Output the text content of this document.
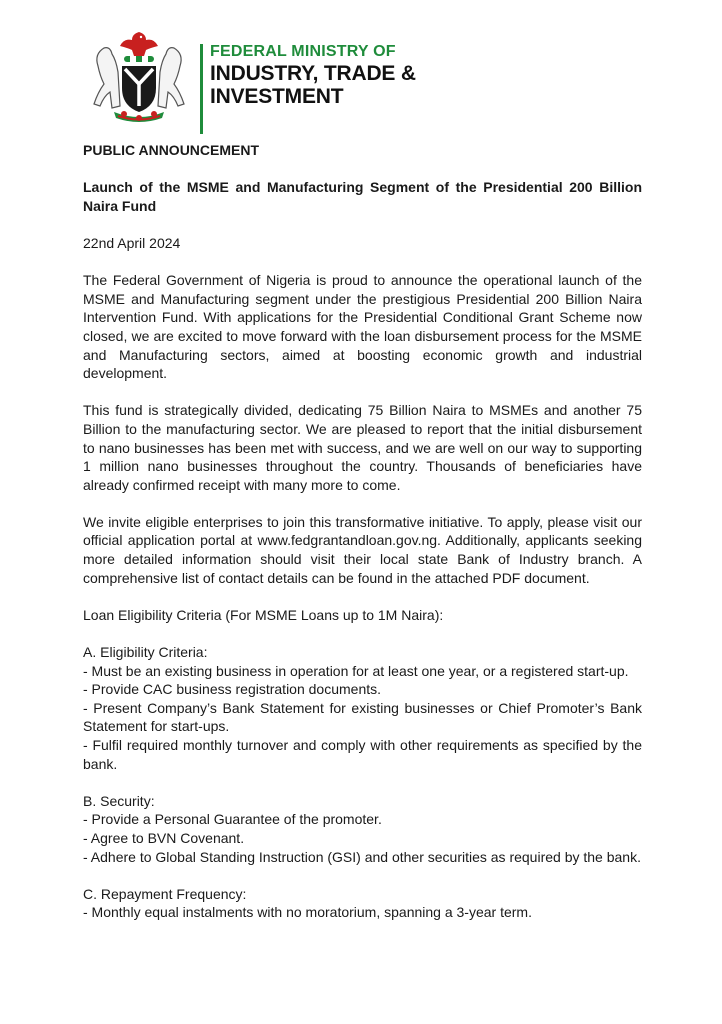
FEDERAL MINISTRY OF
INDUSTRY, TRADE &
INVESTMENT

PUBLIC ANNOUNCEMENT

Launch of the MSME and Manufacturing Segment of the Presidential 200 Billion Naira Fund

22nd April 2024

The Federal Government of Nigeria is proud to announce the operational launch of the MSME and Manufacturing segment under the prestigious Presidential 200 Billion Naira Intervention Fund. With applications for the Presidential Conditional Grant Scheme now closed, we are excited to move forward with the loan disbursement process for the MSME and Manufacturing sectors, aimed at boosting economic growth and industrial development.

This fund is strategically divided, dedicating 75 Billion Naira to MSMEs and another 75 Billion to the manufacturing sector. We are pleased to report that the initial disbursement to nano businesses has been met with success, and we are well on our way to supporting 1 million nano businesses throughout the country. Thousands of beneficiaries have already confirmed receipt with many more to come.

We invite eligible enterprises to join this transformative initiative. To apply, please visit our official application portal at www.fedgrantandloan.gov.ng. Additionally, applicants seeking more detailed information should visit their local state Bank of Industry branch. A comprehensive list of contact details can be found in the attached PDF document.

Loan Eligibility Criteria (For MSME Loans up to 1M Naira):

A. Eligibility Criteria:

- Must be an existing business in operation for at least one year, or a registered start-up.

- Provide CAC business registration documents.

- Present Company’s Bank Statement for existing businesses or Chief Promoter’s Bank Statement for start-ups.

- Fulfil required monthly turnover and comply with other requirements as specified by the bank.

B. Security:

- Provide a Personal Guarantee of the promoter.

- Agree to BVN Covenant.

- Adhere to Global Standing Instruction (GSI) and other securities as required by the bank.

C. Repayment Frequency:

- Monthly equal instalments with no moratorium, spanning a 3-year term.
